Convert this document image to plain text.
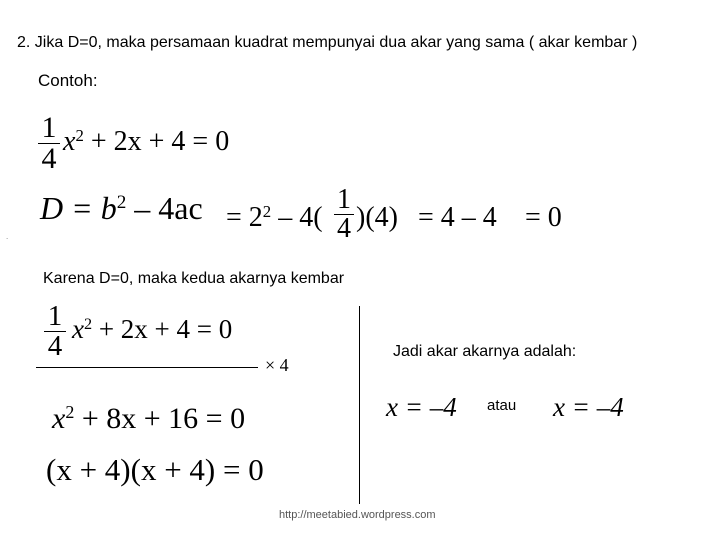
2. Jika D=0, maka persamaan kuadrat mempunyai dua akar yang sama ( akar kembar )
Contoh:
1
4
$x^2 + 2x + 4 = 0$
$D = b^2 - 4ac = 2^2 - 4$(
1
4 )(4) = 4 – 4 = 0
.
Karena D=0, maka kedua akarnya kembar
1
4
$x^2 + 2x + 4 = 0$
× 4
$x^2 + 8x + 16 = 0$
(x + 4)(x + 4) = 0
Jadi akar akarnya adalah:
x = –4 atau x = –4
http://meetabied.wordpress.com
